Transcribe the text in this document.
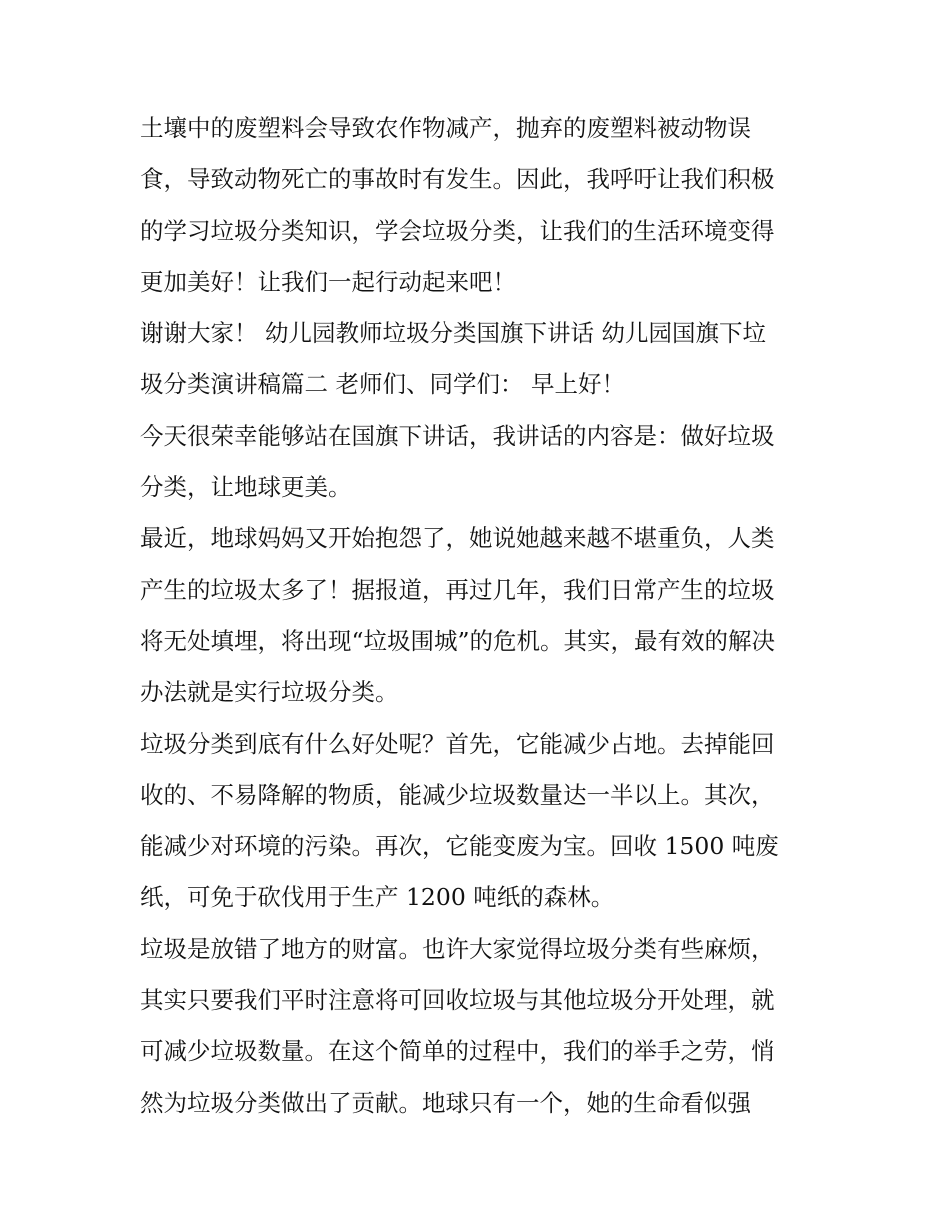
土壤中的废塑料会导致农作物减产，抛弃的废塑料被动物误
食，导致动物死亡的事故时有发生。因此，我呼吁让我们积极
的学习垃圾分类知识，学会垃圾分类，让我们的生活环境变得
更加美好！让我们一起行动起来吧！
谢谢大家！ 幼儿园教师垃圾分类国旗下讲话 幼儿园国旗下垃
圾分类演讲稿篇二 老师们、同学们： 早上好！
今天很荣幸能够站在国旗下讲话，我讲话的内容是：做好垃圾
分类，让地球更美。
最近，地球妈妈又开始抱怨了，她说她越来越不堪重负，人类
产生的垃圾太多了！据报道，再过几年，我们日常产生的垃圾
将无处填埋，将出现“垃圾围城”的危机。其实，最有效的解决
办法就是实行垃圾分类。
垃圾分类到底有什么好处呢？首先，它能减少占地。去掉能回
收的、不易降解的物质，能减少垃圾数量达一半以上。其次，
能减少对环境的污染。再次，它能变废为宝。回收 1500 吨废
纸，可免于砍伐用于生产 1200 吨纸的森林。
垃圾是放错了地方的财富。也许大家觉得垃圾分类有些麻烦，
其实只要我们平时注意将可回收垃圾与其他垃圾分开处理，就
可减少垃圾数量。在这个简单的过程中，我们的举手之劳，悄
然为垃圾分类做出了贡献。地球只有一个，她的生命看似强
